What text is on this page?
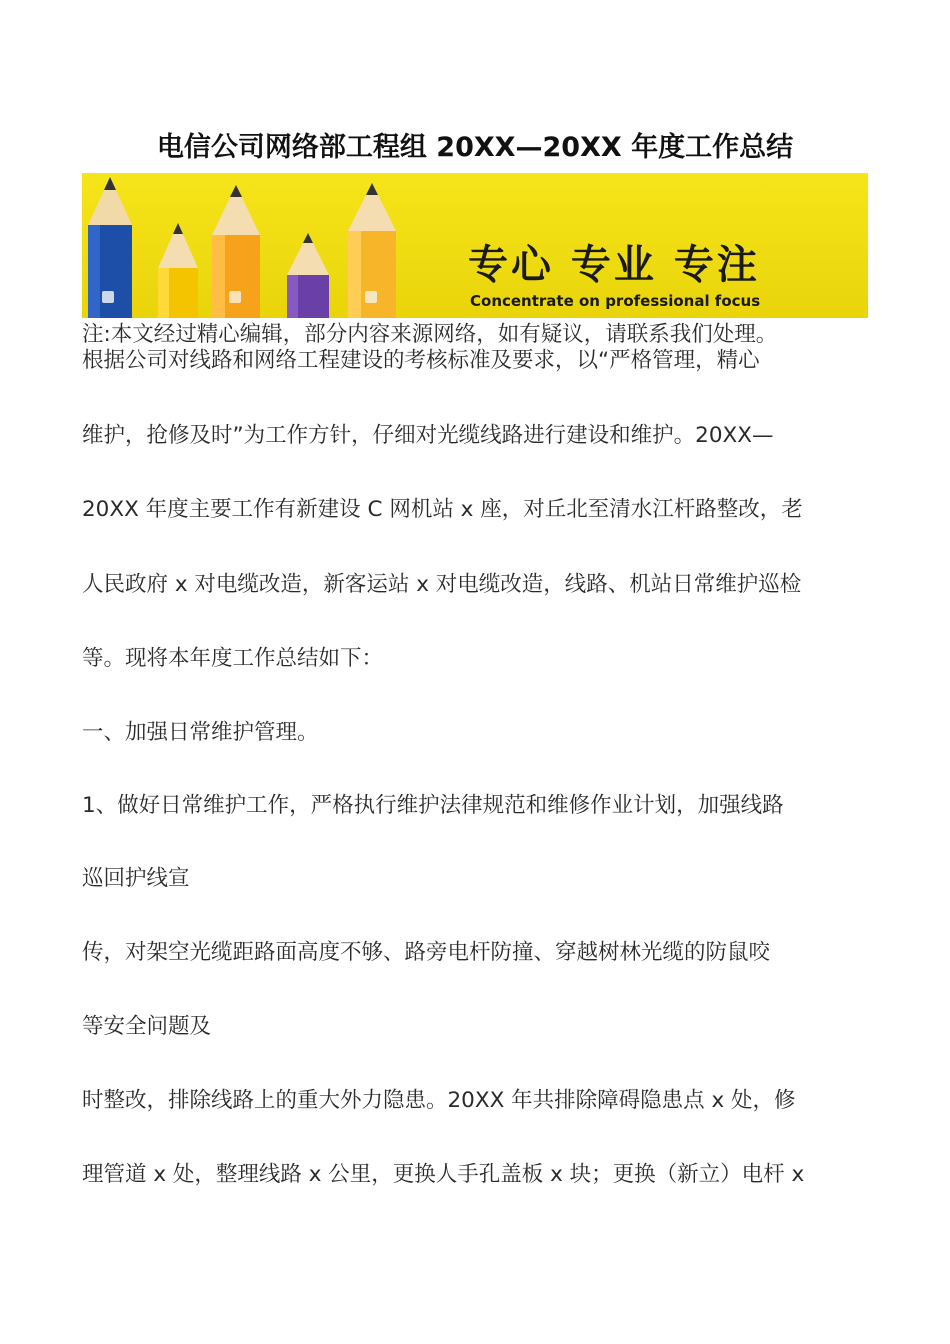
电信公司网络部工程组 20XX—20XX 年度工作总结
专心 专业 专注
Concentrate on professional focus

注:本文经过精心编辑，部分内容来源网络，如有疑议，请联系我们处理。

根据公司对线路和网络工程建设的考核标准及要求，以“严格管理，精心

维护，抢修及时”为工作方针，仔细对光缆线路进行建设和维护。20XX—

20XX 年度主要工作有新建设 C 网机站 x 座，对丘北至清水江杆路整改，老

人民政府 x 对电缆改造，新客运站 x 对电缆改造，线路、机站日常维护巡检

等。现将本年度工作总结如下：

一、加强日常维护管理。

1、做好日常维护工作，严格执行维护法律规范和维修作业计划，加强线路

巡回护线宣

传，对架空光缆距路面高度不够、路旁电杆防撞、穿越树林光缆的防鼠咬

等安全问题及

时整改，排除线路上的重大外力隐患。20XX 年共排除障碍隐患点 x 处，修

理管道 x 处，整理线路 x 公里，更换人手孔盖板 x 块；更换（新立）电杆 x
